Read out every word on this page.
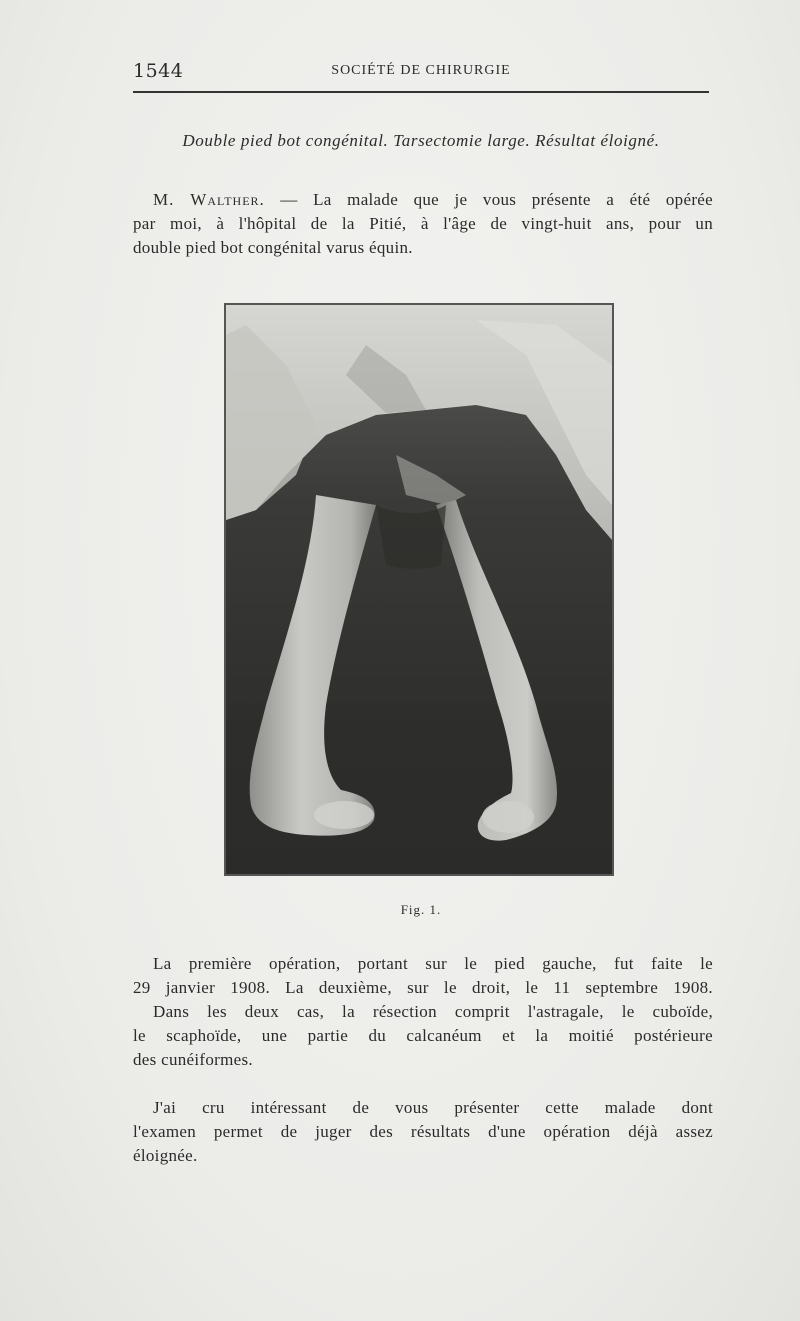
1544	SOCIÉTÉ DE CHIRURGIE
Double pied bot congénital. Tarsectomie large. Résultat éloigné.
M. Walther. — La malade que je vous présente a été opérée
par moi, à l'hôpital de la Pitié, à l'âge de vingt-huit ans, pour un
double pied bot congénital varus équin.
Fig. 1.
La première opération, portant sur le pied gauche, fut faite le
29 janvier 1908. La deuxième, sur le droit, le 11 septembre 1908.
Dans les deux cas, la résection comprit l'astragale, le cuboïde,
le scaphoïde, une partie du calcanéum et la moitié postérieure
des cunéiformes.
J'ai cru intéressant de vous présenter cette malade dont
l'examen permet de juger des résultats d'une opération déjà assez
éloignée.
